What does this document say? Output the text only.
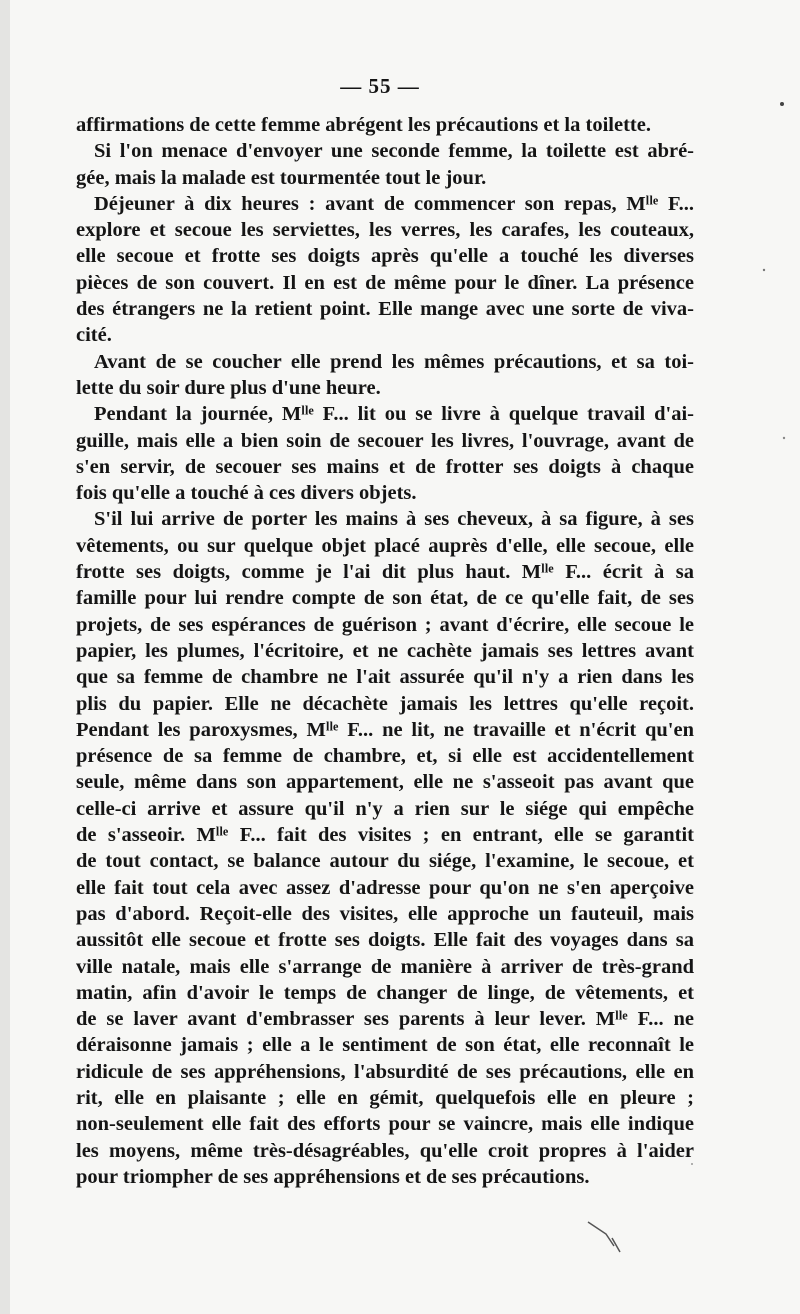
— 55 —
affirmations de cette femme abrégent les précautions et la toilette.
Si l'on menace d'envoyer une seconde femme, la toilette est abré-
gée, mais la malade est tourmentée tout le jour.
Déjeuner à dix heures : avant de commencer son repas, Mˡˡᵉ F...
explore et secoue les serviettes, les verres, les carafes, les couteaux,
elle secoue et frotte ses doigts après qu'elle a touché les diverses
pièces de son couvert. Il en est de même pour le dîner. La présence
des étrangers ne la retient point. Elle mange avec une sorte de viva-
cité.
Avant de se coucher elle prend les mêmes précautions, et sa toi-
lette du soir dure plus d'une heure.
Pendant la journée, Mˡˡᵉ F... lit ou se livre à quelque travail d'ai-
guille, mais elle a bien soin de secouer les livres, l'ouvrage, avant de
s'en servir, de secouer ses mains et de frotter ses doigts à chaque
fois qu'elle a touché à ces divers objets.
S'il lui arrive de porter les mains à ses cheveux, à sa figure, à ses
vêtements, ou sur quelque objet placé auprès d'elle, elle secoue, elle
frotte ses doigts, comme je l'ai dit plus haut. Mˡˡᵉ F... écrit à sa
famille pour lui rendre compte de son état, de ce qu'elle fait, de ses
projets, de ses espérances de guérison ; avant d'écrire, elle secoue le
papier, les plumes, l'écritoire, et ne cachète jamais ses lettres avant
que sa femme de chambre ne l'ait assurée qu'il n'y a rien dans les
plis du papier. Elle ne décachète jamais les lettres qu'elle reçoit.
Pendant les paroxysmes, Mˡˡᵉ F... ne lit, ne travaille et n'écrit qu'en
présence de sa femme de chambre, et, si elle est accidentellement
seule, même dans son appartement, elle ne s'asseoit pas avant que
celle-ci arrive et assure qu'il n'y a rien sur le siége qui empêche
de s'asseoir. Mˡˡᵉ F... fait des visites ; en entrant, elle se garantit
de tout contact, se balance autour du siége, l'examine, le secoue, et
elle fait tout cela avec assez d'adresse pour qu'on ne s'en aperçoive
pas d'abord. Reçoit-elle des visites, elle approche un fauteuil, mais
aussitôt elle secoue et frotte ses doigts. Elle fait des voyages dans sa
ville natale, mais elle s'arrange de manière à arriver de très-grand
matin, afin d'avoir le temps de changer de linge, de vêtements, et
de se laver avant d'embrasser ses parents à leur lever. Mˡˡᵉ F... ne
déraisonne jamais ; elle a le sentiment de son état, elle reconnaît le
ridicule de ses appréhensions, l'absurdité de ses précautions, elle en
rit, elle en plaisante ; elle en gémit, quelquefois elle en pleure ;
non-seulement elle fait des efforts pour se vaincre, mais elle indique
les moyens, même très-désagréables, qu'elle croit propres à l'aider
pour triompher de ses appréhensions et de ses précautions.
